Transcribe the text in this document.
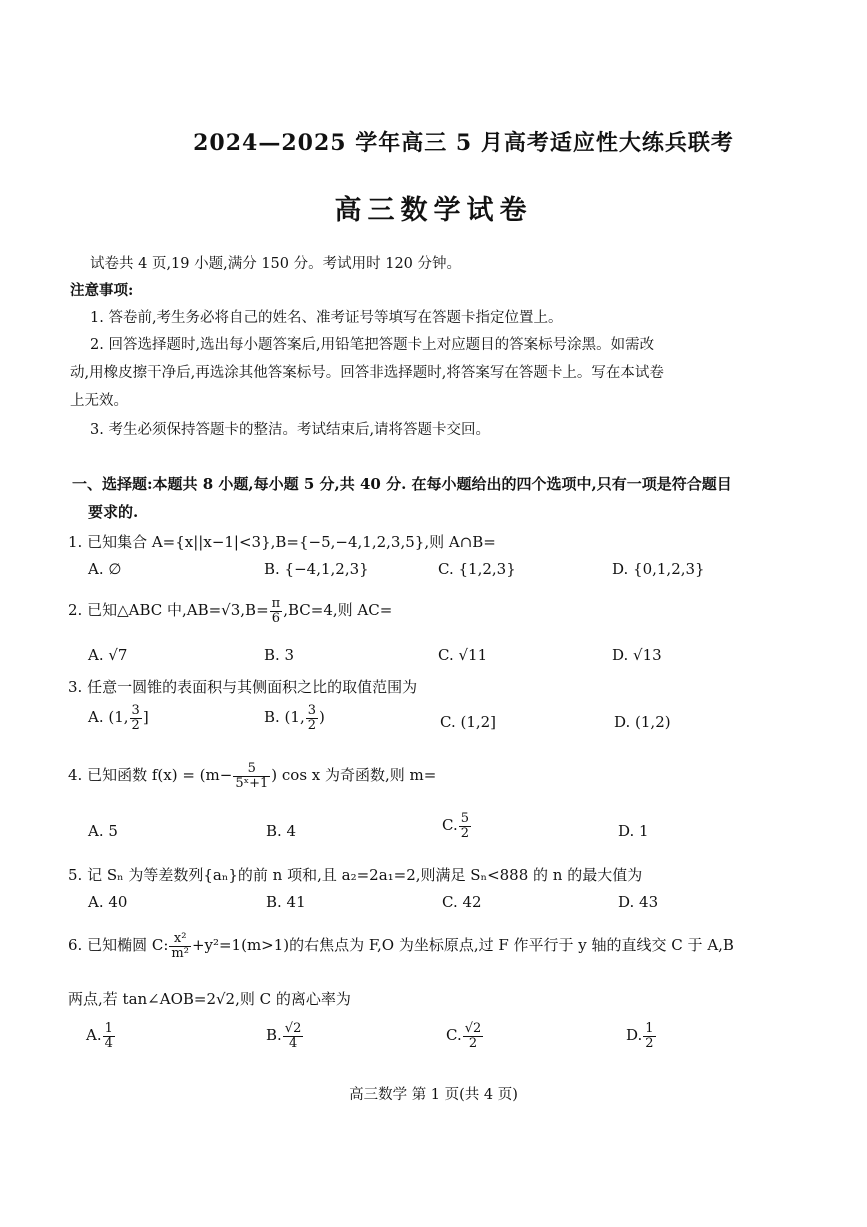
2024—2025 学年高三 5 月高考适应性大练兵联考
高三数学试卷
试卷共 4 页,19 小题,满分 150 分。考试用时 120 分钟。
注意事项:
1. 答卷前,考生务必将自己的姓名、准考证号等填写在答题卡指定位置上。
2. 回答选择题时,选出每小题答案后,用铅笔把答题卡上对应题目的答案标号涂黑。如需改
动,用橡皮擦干净后,再选涂其他答案标号。回答非选择题时,将答案写在答题卡上。写在本试卷
上无效。
3. 考生必须保持答题卡的整洁。考试结束后,请将答题卡交回。
一、选择题:本题共 8 小题,每小题 5 分,共 40 分. 在每小题给出的四个选项中,只有一项是符合题目
要求的.
1. 已知集合 A={x||x−1|<3},B={−5,−4,1,2,3,5},则 A∩B=
A. ∅	B. {−4,1,2,3}	C. {1,2,3}	D. {0,1,2,3}
2. 已知△ABC 中$,AB=√3,B= \frac{\pi}{6} ,BC=4$,则 AC=
A. √7	B. 3	C. √11	D. √13
3. 任意一圆锥的表面积与其侧面积之比的取值范围为
A. (1, $\frac{3}{2}$ ]	B. (1, $\frac{3}{2}$ )	C. (1,2]	D. (1,2)
4. 已知函数 $f(x) = (m- \frac{5}{\text{5ˣ+1}}$ ) cos x 为奇函数,则 m=
A. 5	B. 4	C. $\frac{5}{2}$	D. 1
5. 记 Sₙ 为等差数列{aₙ}的前 n 项和,且 a₂=2a₁=2,则满足 Sₙ<888 的 n 的最大值为
A. 40	B. 41	C. 42	D. 43
6. 已知椭圆 C: $\frac{\text{x²}}{\text{m²}} +y^2=1(m>1)$的右焦点为 F,O 为坐标原点,过 F 作平行于 y 轴的直线交 C 于 A,B
两点,若 tan∠AOB=2√2,则 C 的离心率为
A. $\frac{1}{4}$	B. $\frac{√2}{4}$	C. $\frac{√2}{2}$	D. $\frac{1}{2}$
高三数学 第 1 页(共 4 页)
